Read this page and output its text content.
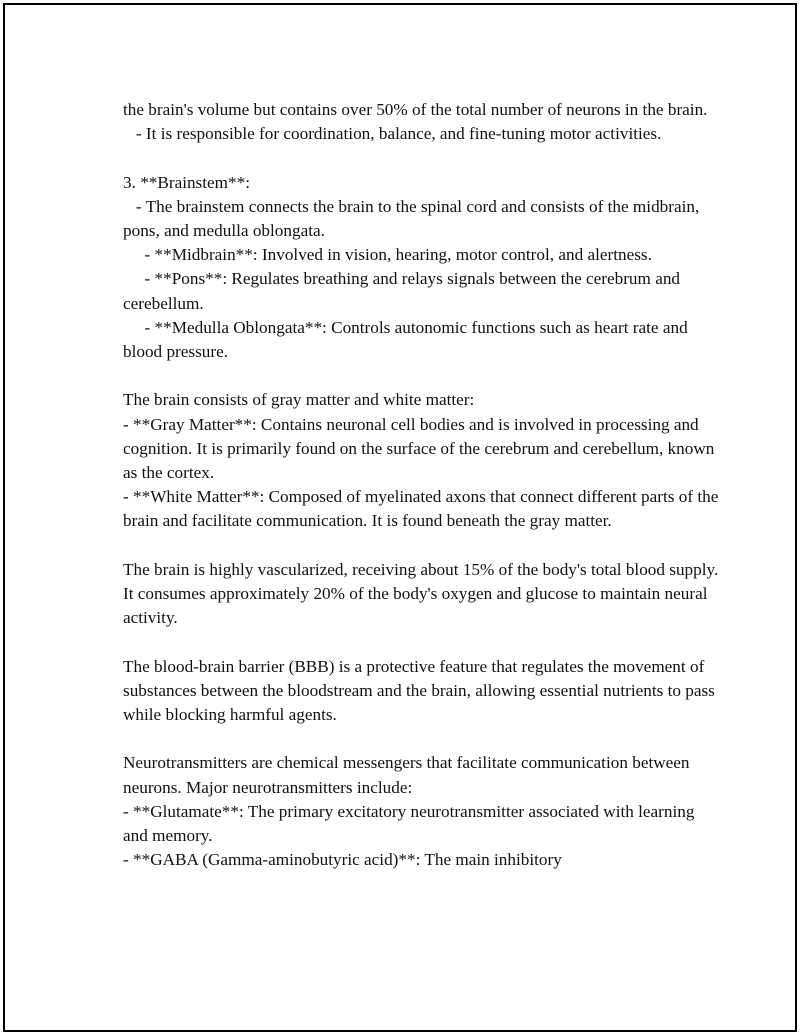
the brain's volume but contains over 50% of the total number of neurons in the brain.

- It is responsible for coordination, balance, and fine-tuning motor activities.

3. **Brainstem**:

- The brainstem connects the brain to the spinal cord and consists of the midbrain, pons, and medulla oblongata.

- **Midbrain**: Involved in vision, hearing, motor control, and alertness.

- **Pons**: Regulates breathing and relays signals between the cerebrum and cerebellum.

- **Medulla Oblongata**: Controls autonomic functions such as heart rate and blood pressure.

The brain consists of gray matter and white matter:

- **Gray Matter**: Contains neuronal cell bodies and is involved in processing and cognition. It is primarily found on the surface of the cerebrum and cerebellum, known as the cortex.

- **White Matter**: Composed of myelinated axons that connect different parts of the brain and facilitate communication. It is found beneath the gray matter.

The brain is highly vascularized, receiving about 15% of the body's total blood supply. It consumes approximately 20% of the body's oxygen and glucose to maintain neural activity.

The blood-brain barrier (BBB) is a protective feature that regulates the movement of substances between the bloodstream and the brain, allowing essential nutrients to pass while blocking harmful agents.

Neurotransmitters are chemical messengers that facilitate communication between neurons. Major neurotransmitters include:

- **Glutamate**: The primary excitatory neurotransmitter associated with learning and memory.

- **GABA (Gamma-aminobutyric acid)**: The main inhibitory
